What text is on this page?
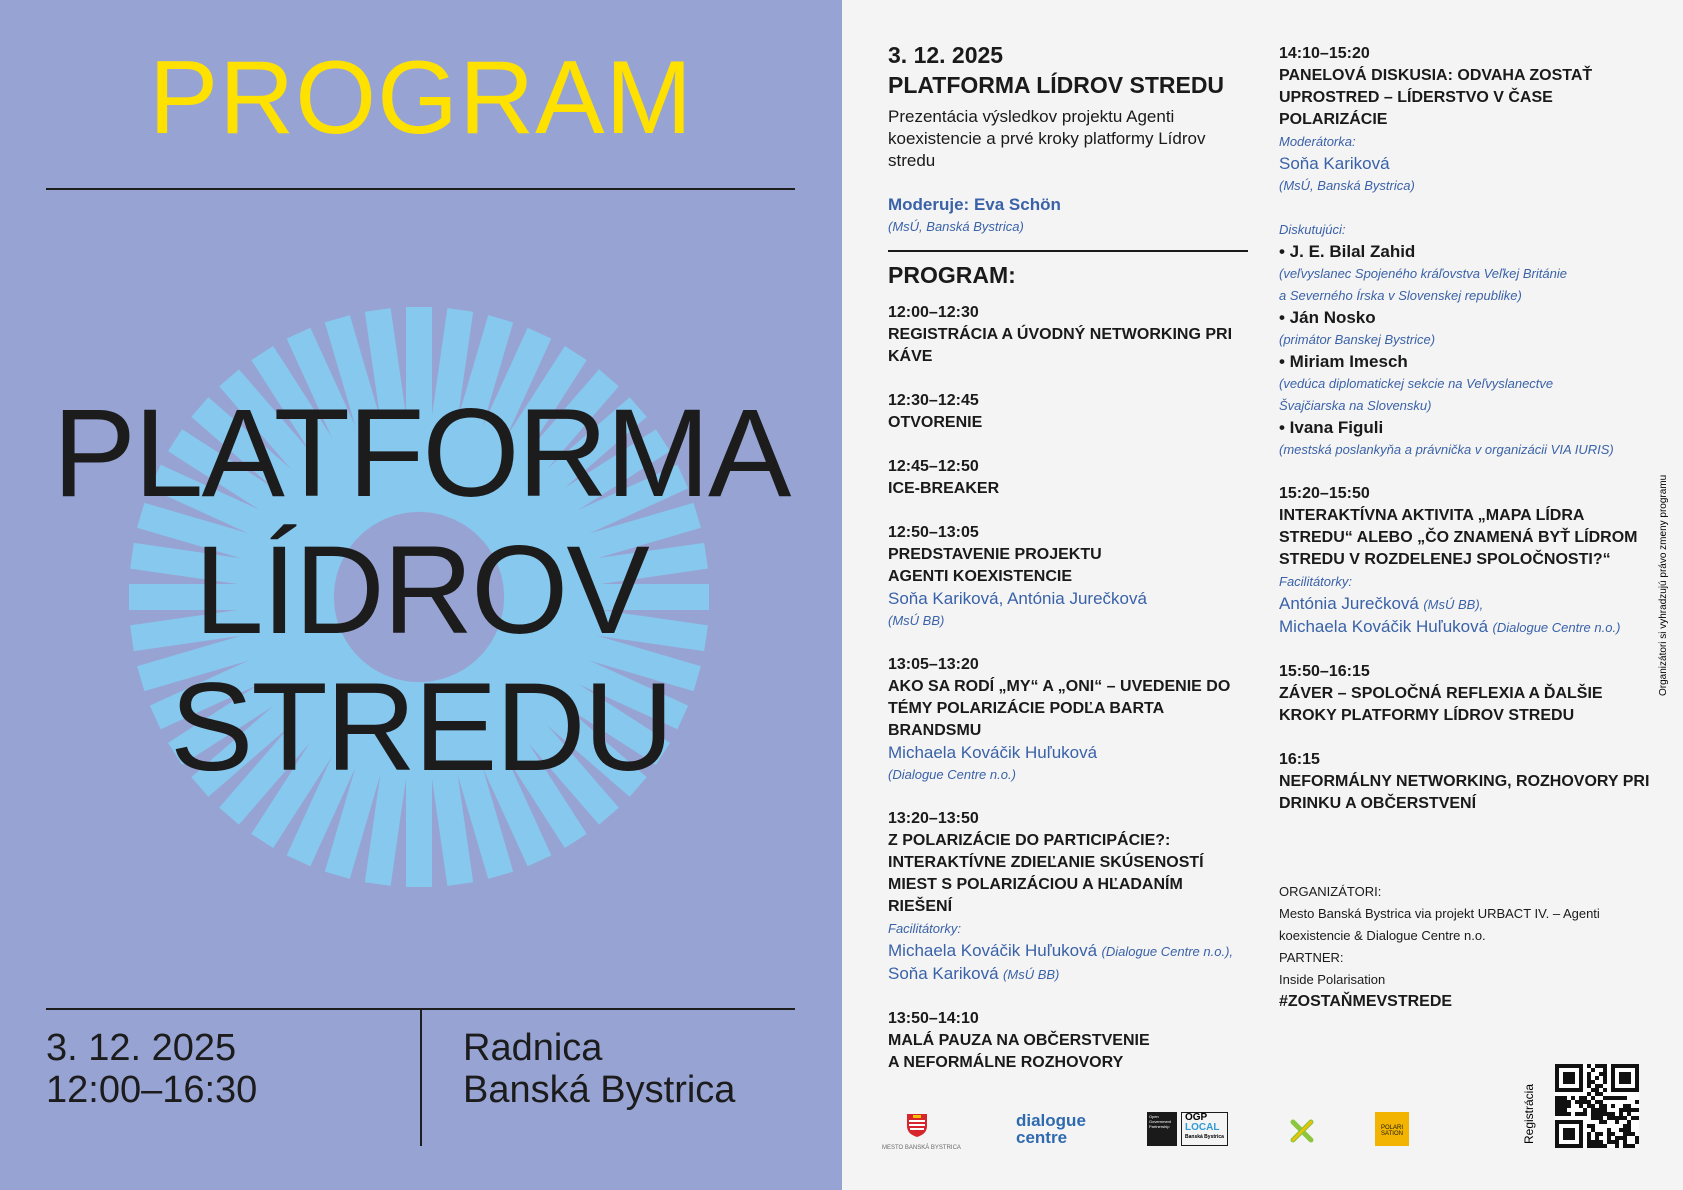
PROGRAM
PLATFORMA
LÍDROV
STREDU
3. 12. 2025
12:00–16:30
Radnica
Banská Bystrica
3. 12. 2025
PLATFORMA LÍDROV STREDU
Prezentácia výsledkov projektu Agenti koexistencie a prvé kroky platformy Lídrov stredu
Moderuje: Eva Schön
(MsÚ, Banská Bystrica)
PROGRAM:
12:00–12:30
REGISTRÁCIA A ÚVODNÝ NETWORKING PRI KÁVE
12:30–12:45
OTVORENIE
12:45–12:50
ICE-BREAKER
12:50–13:05
PREDSTAVENIE PROJEKTU
AGENTI KOEXISTENCIE
Soňa Kariková, Antónia Jurečková
(MsÚ BB)
13:05–13:20
AKO SA RODÍ „MY“ A „ONI“ – UVEDENIE DO TÉMY POLARIZÁCIE PODĽA BARTA BRANDSMU
Michaela Kováčik Huľuková
(Dialogue Centre n.o.)
13:20–13:50
Z POLARIZÁCIE DO PARTICIPÁCIE?: INTERAKTÍVNE ZDIEĽANIE SKÚSENOSTÍ MIEST S POLARIZÁCIOU A HĽADANÍM RIEŠENÍ
Facilitátorky:
Michaela Kováčik Huľuková (Dialogue Centre n.o.),
Soňa Kariková (MsÚ BB)
13:50–14:10
MALÁ PAUZA NA OBČERSTVENIE
A NEFORMÁLNE ROZHOVORY
14:10–15:20
PANELOVÁ DISKUSIA: ODVAHA ZOSTAŤ UPROSTRED – LÍDERSTVO V ČASE POLARIZÁCIE
Moderátorka:
Soňa Kariková
(MsÚ, Banská Bystrica)
Diskutujúci:
• J. E. Bilal Zahid
(veľvyslanec Spojeného kráľovstva Veľkej Británie
a Severného Írska v Slovenskej republike)
• Ján Nosko
(primátor Banskej Bystrice)
• Miriam Imesch
(vedúca diplomatickej sekcie na Veľvyslanectve
Švajčiarska na Slovensku)
• Ivana Figuli
(mestská poslankyňa a právnička v organizácii VIA IURIS)
15:20–15:50
INTERAKTÍVNA AKTIVITA „MAPA LÍDRA STREDU“ ALEBO „ČO ZNAMENÁ BYŤ LÍDROM STREDU V ROZDELENEJ SPOLOČNOSTI?“
Facilitátorky:
Antónia Jurečková (MsÚ BB),
Michaela Kováčik Huľuková (Dialogue Centre n.o.)
15:50–16:15
ZÁVER – SPOLOČNÁ REFLEXIA A ĎALŠIE KROKY PLATFORMY LÍDROV STREDU
16:15
NEFORMÁLNY NETWORKING, ROZHOVORY PRI DRINKU A OBČERSTVENÍ
ORGANIZÁTORI:
Mesto Banská Bystrica via projekt URBACT IV. – Agenti koexistencie & Dialogue Centre n.o.
PARTNER:
Inside Polarisation
#ZOSTAŇMEVSTREDE
Organizátori si vyhradzujú právo zmeny programu
Registrácia
MESTO BANSKÁ BYSTRICA
dialogue
centre
Open Government Partnership
OGP
LOCAL
Banská Bystrica
POLARI
SATION
